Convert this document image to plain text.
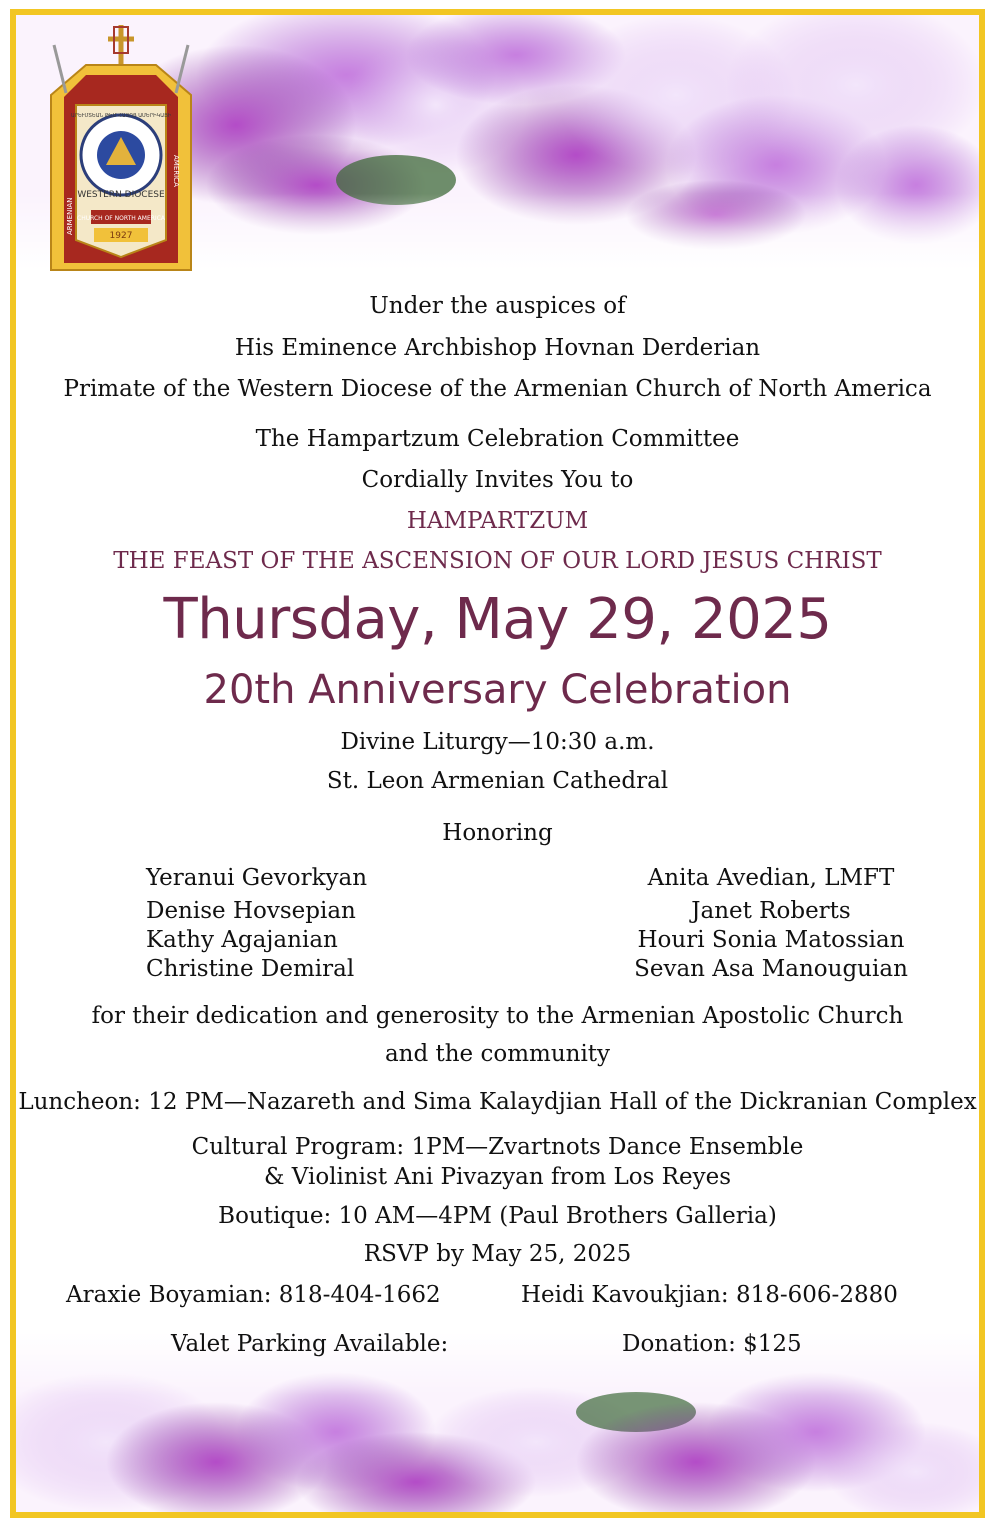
WESTERN DIOCESE
CHURCH OF NORTH AMERICA
1927
ԱՐԵՒՄՏԵԱՆ ԹԵՄ ՀԱՅՈՑ ԱՄԵՐԻԿԱՅԻ
ARMENIAN
AMERICA
Under the auspices of
His Eminence Archbishop Hovnan Derderian
Primate of the Western Diocese of the Armenian Church of North America
The Hampartzum Celebration Committee
Cordially Invites You to
HAMPARTZUM
THE FEAST OF THE ASCENSION OF OUR LORD JESUS CHRIST
Thursday, May 29, 2025
20th Anniversary Celebration
Divine Liturgy—10:30 a.m.
St. Leon Armenian Cathedral
Honoring
Yeranui Gevorkyan
Denise Hovsepian
Kathy Agajanian
Christine Demiral
Anita Avedian, LMFT
Janet Roberts
Houri Sonia Matossian
Sevan Asa Manouguian
for their dedication and generosity to the Armenian Apostolic Church
and the community
Luncheon: 12 PM—Nazareth and Sima Kalaydjian Hall of the Dickranian Complex
Cultural Program: 1PM—Zvartnots Dance Ensemble
& Violinist Ani Pivazyan from Los Reyes
Boutique: 10 AM—4PM (Paul Brothers Galleria)
RSVP by May 25, 2025
Araxie Boyamian: 818-404-1662	Heidi Kavoukjian: 818-606-2880
Valet Parking Available:	Donation: $125
